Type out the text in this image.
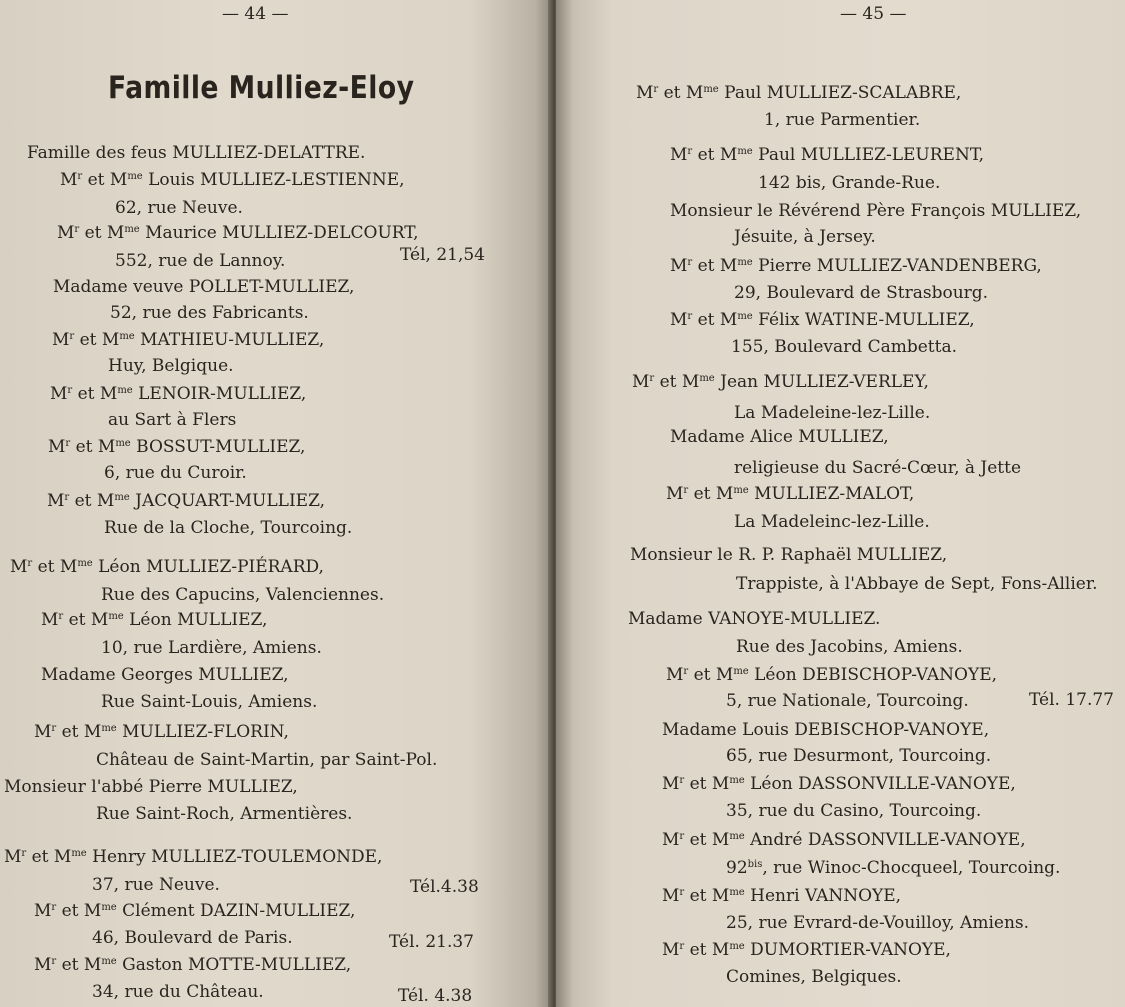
— 44 —
Famille Mulliez-Eloy
Famille des feus MULLIEZ-DELATTRE.
$M^r$ et $M^{me}$ Louis MULLIEZ-LESTIENNE,
62, rue Neuve.
$M^r$ et $M^{me}$ Maurice MULLIEZ-DELCOURT,
552, rue de Lannoy.	Tél, 21,54
Madame veuve POLLET-MULLIEZ,
52, rue des Fabricants.
$M^r$ et $M^{me}$ MATHIEU-MULLIEZ,
Huy, Belgique.
$M^r$ et $M^{me}$ LENOIR-MULLIEZ,
au Sart à Flers
$M^r$ et $M^{me}$ BOSSUT-MULLIEZ,
6, rue du Curoir.
$M^r$ et $M^{me}$ JACQUART-MULLIEZ,
Rue de la Cloche, Tourcoing.
$M^r$ et $M^{me}$ Léon MULLIEZ-PIÉRARD,
Rue des Capucins, Valenciennes.
$M^r$ et $M^{me}$ Léon MULLIEZ,
10, rue Lardière, Amiens.
Madame Georges MULLIEZ,
Rue Saint-Louis, Amiens.
$M^r$ et $M^{me}$ MULLIEZ-FLORIN,
Château de Saint-Martin, par Saint-Pol.
Monsieur l'abbé Pierre MULLIEZ,
Rue Saint-Roch, Armentières.
$M^r$ et $M^{me}$ Henry MULLIEZ-TOULEMONDE,
37, rue Neuve.	Tél.4.38
$M^r$ et $M^{me}$ Clément DAZIN-MULLIEZ,
46, Boulevard de Paris.	Tél. 21.37
$M^r$ et $M^{me}$ Gaston MOTTE-MULLIEZ,
34, rue du Château.	Tél. 4.38
— 45 —
$M^r$ et $M^{me}$ Paul MULLIEZ-SCALABRE,
1, rue Parmentier.
$M^r$ et $M^{me}$ Paul MULLIEZ-LEURENT,
142 bis, Grande-Rue.
Monsieur le Révérend Père François MULLIEZ,
Jésuite, à Jersey.
$M^r$ et $M^{me}$ Pierre MULLIEZ-VANDENBERG,
29, Boulevard de Strasbourg.
$M^r$ et $M^{me}$ Félix WATINE-MULLIEZ,
155, Boulevard Cambetta.
$M^r$ et $M^{me}$ Jean MULLIEZ-VERLEY,
La Madeleine-lez-Lille.
Madame Alice MULLIEZ,
religieuse du Sacré-Cœur, à Jette
$M^r$ et $M^{me}$ MULLIEZ-MALOT,
La Madeleinc-lez-Lille.
Monsieur le R. P. Raphaël MULLIEZ,
Trappiste, à l'Abbaye de Sept, Fons-Allier.
Madame VANOYE-MULLIEZ.
Rue des Jacobins, Amiens.
$M^r$ et $M^{me}$ Léon DEBISCHOP-VANOYE,
5, rue Nationale, Tourcoing.	Tél. 17.77
Madame Louis DEBISCHOP-VANOYE,
65, rue Desurmont, Tourcoing.
$M^r$ et $M^{me}$ Léon DASSONVILLE-VANOYE,
35, rue du Casino, Tourcoing.
$M^r$ et $M^{me}$ André DASSONVILLE-VANOYE,
$92^{bis}$, rue Winoc-Chocqueel, Tourcoing.
$M^r$ et $M^{me}$ Henri VANNOYE,
25, rue Evrard-de-Vouilloy, Amiens.
$M^r$ et $M^{me}$ DUMORTIER-VANOYE,
Comines, Belgiques.
